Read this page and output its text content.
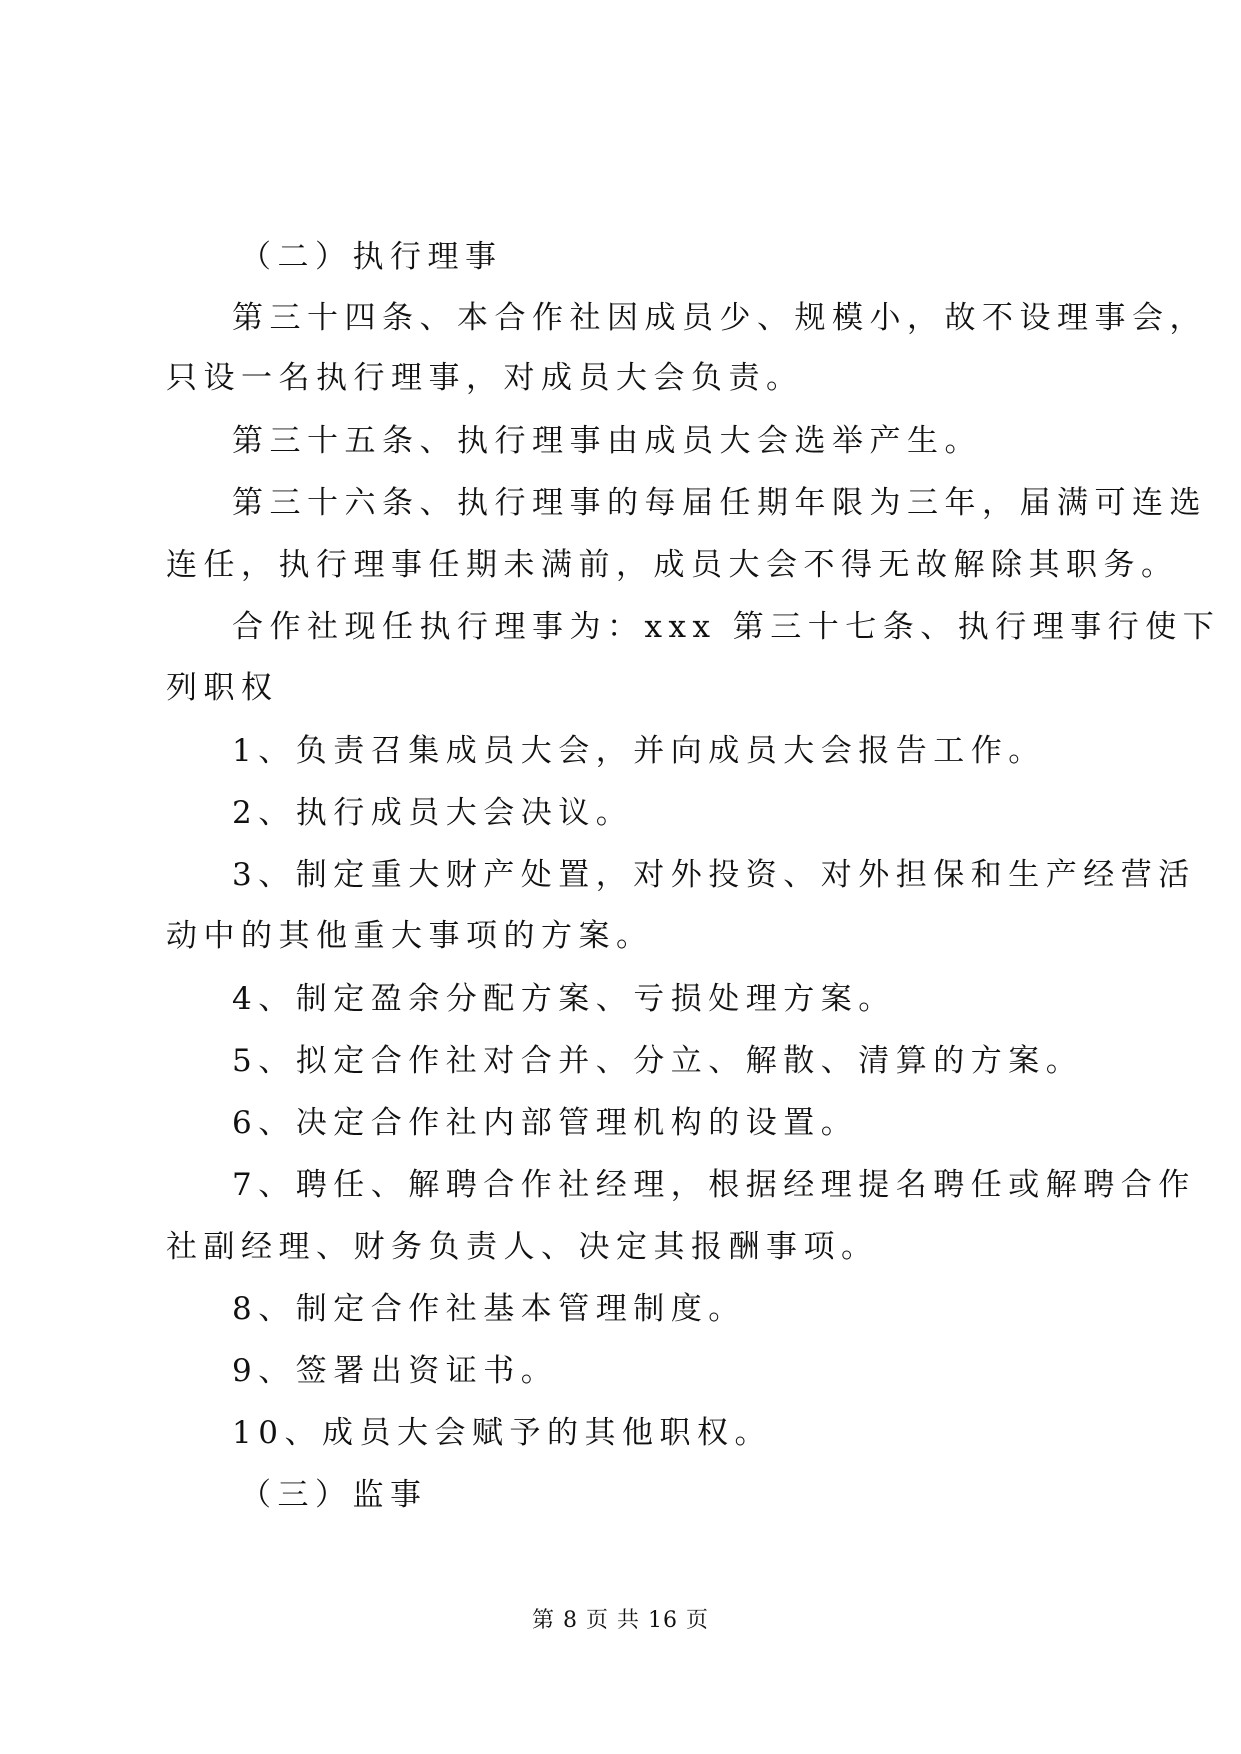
（二）执行理事
第三十四条、本合作社因成员少、规模小，故不设理事会，
只设一名执行理事，对成员大会负责。
第三十五条、执行理事由成员大会选举产生。
第三十六条、执行理事的每届任期年限为三年，届满可连选
连任，执行理事任期未满前，成员大会不得无故解除其职务。
合作社现任执行理事为：xxx 第三十七条、执行理事行使下
列职权
1、负责召集成员大会，并向成员大会报告工作。
2、执行成员大会决议。
3、制定重大财产处置，对外投资、对外担保和生产经营活
动中的其他重大事项的方案。
4、制定盈余分配方案、亏损处理方案。
5、拟定合作社对合并、分立、解散、清算的方案。
6、决定合作社内部管理机构的设置。
7、聘任、解聘合作社经理，根据经理提名聘任或解聘合作
社副经理、财务负责人、决定其报酬事项。
8、制定合作社基本管理制度。
9、签署出资证书。
10、成员大会赋予的其他职权。
（三）监事
第 8 页 共 16 页
